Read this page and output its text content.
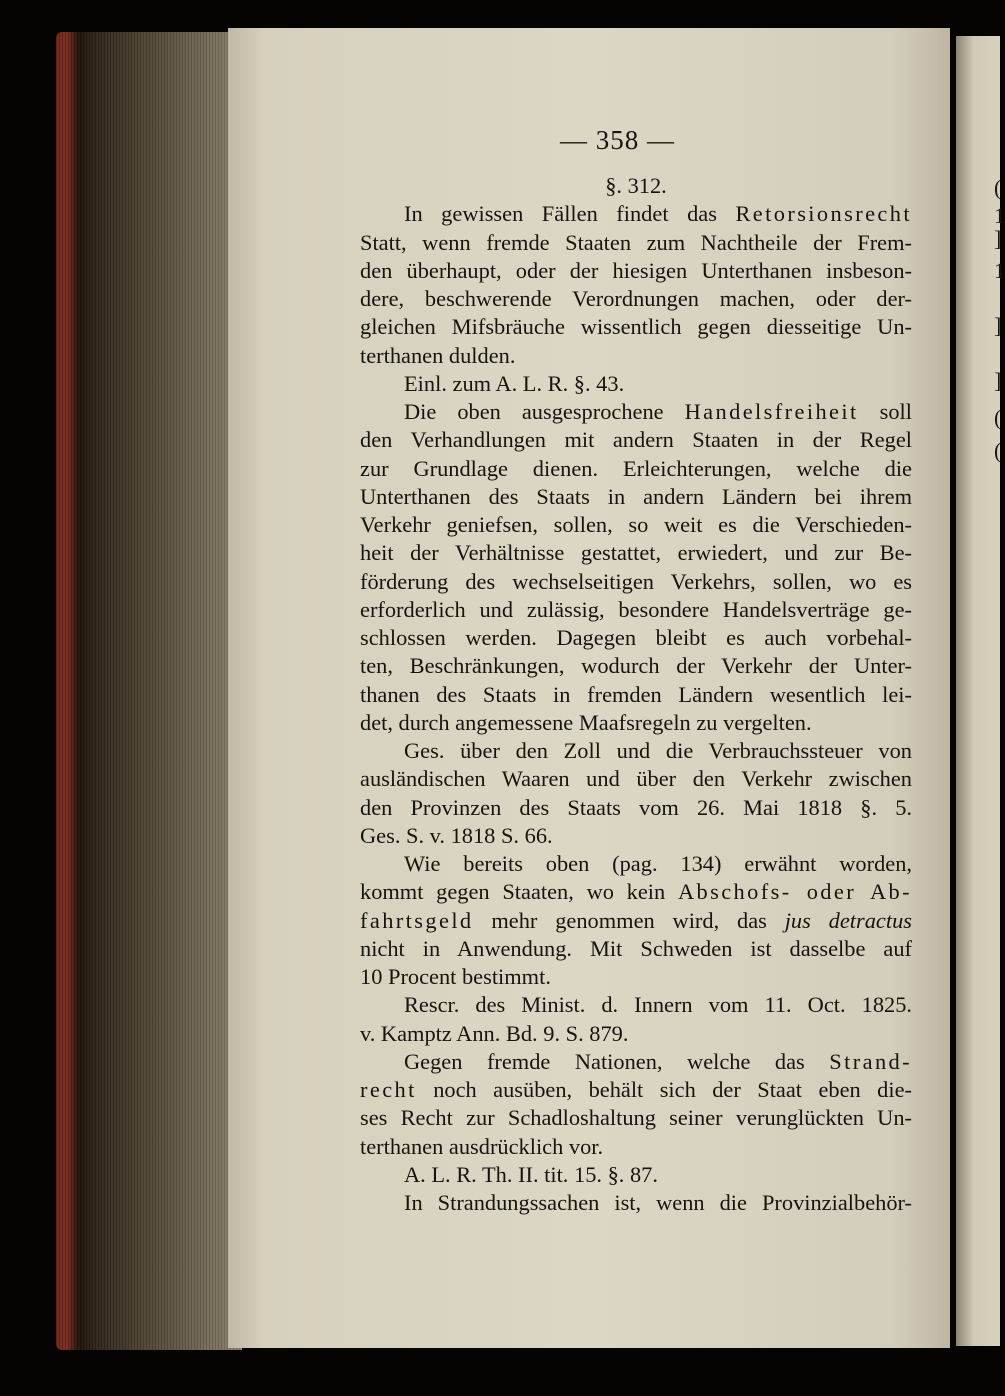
(
1
]
1
]
]
(
(
— 358 —
§. 312.
In gewissen Fällen findet das Retorsionsrecht
Statt, wenn fremde Staaten zum Nachtheile der Frem-
den überhaupt, oder der hiesigen Unterthanen insbeson-
dere, beschwerende Verordnungen machen, oder der-
gleichen Mifsbräuche wissentlich gegen diesseitige Un-
terthanen dulden.
Einl. zum A. L. R. §. 43.
Die oben ausgesprochene Handelsfreiheit soll
den Verhandlungen mit andern Staaten in der Regel
zur Grundlage dienen. Erleichterungen, welche die
Unterthanen des Staats in andern Ländern bei ihrem
Verkehr geniefsen, sollen, so weit es die Verschieden-
heit der Verhältnisse gestattet, erwiedert, und zur Be-
förderung des wechselseitigen Verkehrs, sollen, wo es
erforderlich und zulässig, besondere Handelsverträge ge-
schlossen werden. Dagegen bleibt es auch vorbehal-
ten, Beschränkungen, wodurch der Verkehr der Unter-
thanen des Staats in fremden Ländern wesentlich lei-
det, durch angemessene Maafsregeln zu vergelten.
Ges. über den Zoll und die Verbrauchssteuer von
ausländischen Waaren und über den Verkehr zwischen
den Provinzen des Staats vom 26. Mai 1818 §. 5.
Ges. S. v. 1818 S. 66.
Wie bereits oben (pag. 134) erwähnt worden,
kommt gegen Staaten, wo kein Abschofs- oder Ab-
fahrtsgeld mehr genommen wird, das jus detractus
nicht in Anwendung. Mit Schweden ist dasselbe auf
10 Procent bestimmt.
Rescr. des Minist. d. Innern vom 11. Oct. 1825.
v. Kamptz Ann. Bd. 9. S. 879.
Gegen fremde Nationen, welche das Strand-
recht noch ausüben, behält sich der Staat eben die-
ses Recht zur Schadloshaltung seiner verunglückten Un-
terthanen ausdrücklich vor.
A. L. R. Th. II. tit. 15. §. 87.
In Strandungssachen ist, wenn die Provinzialbehör-
